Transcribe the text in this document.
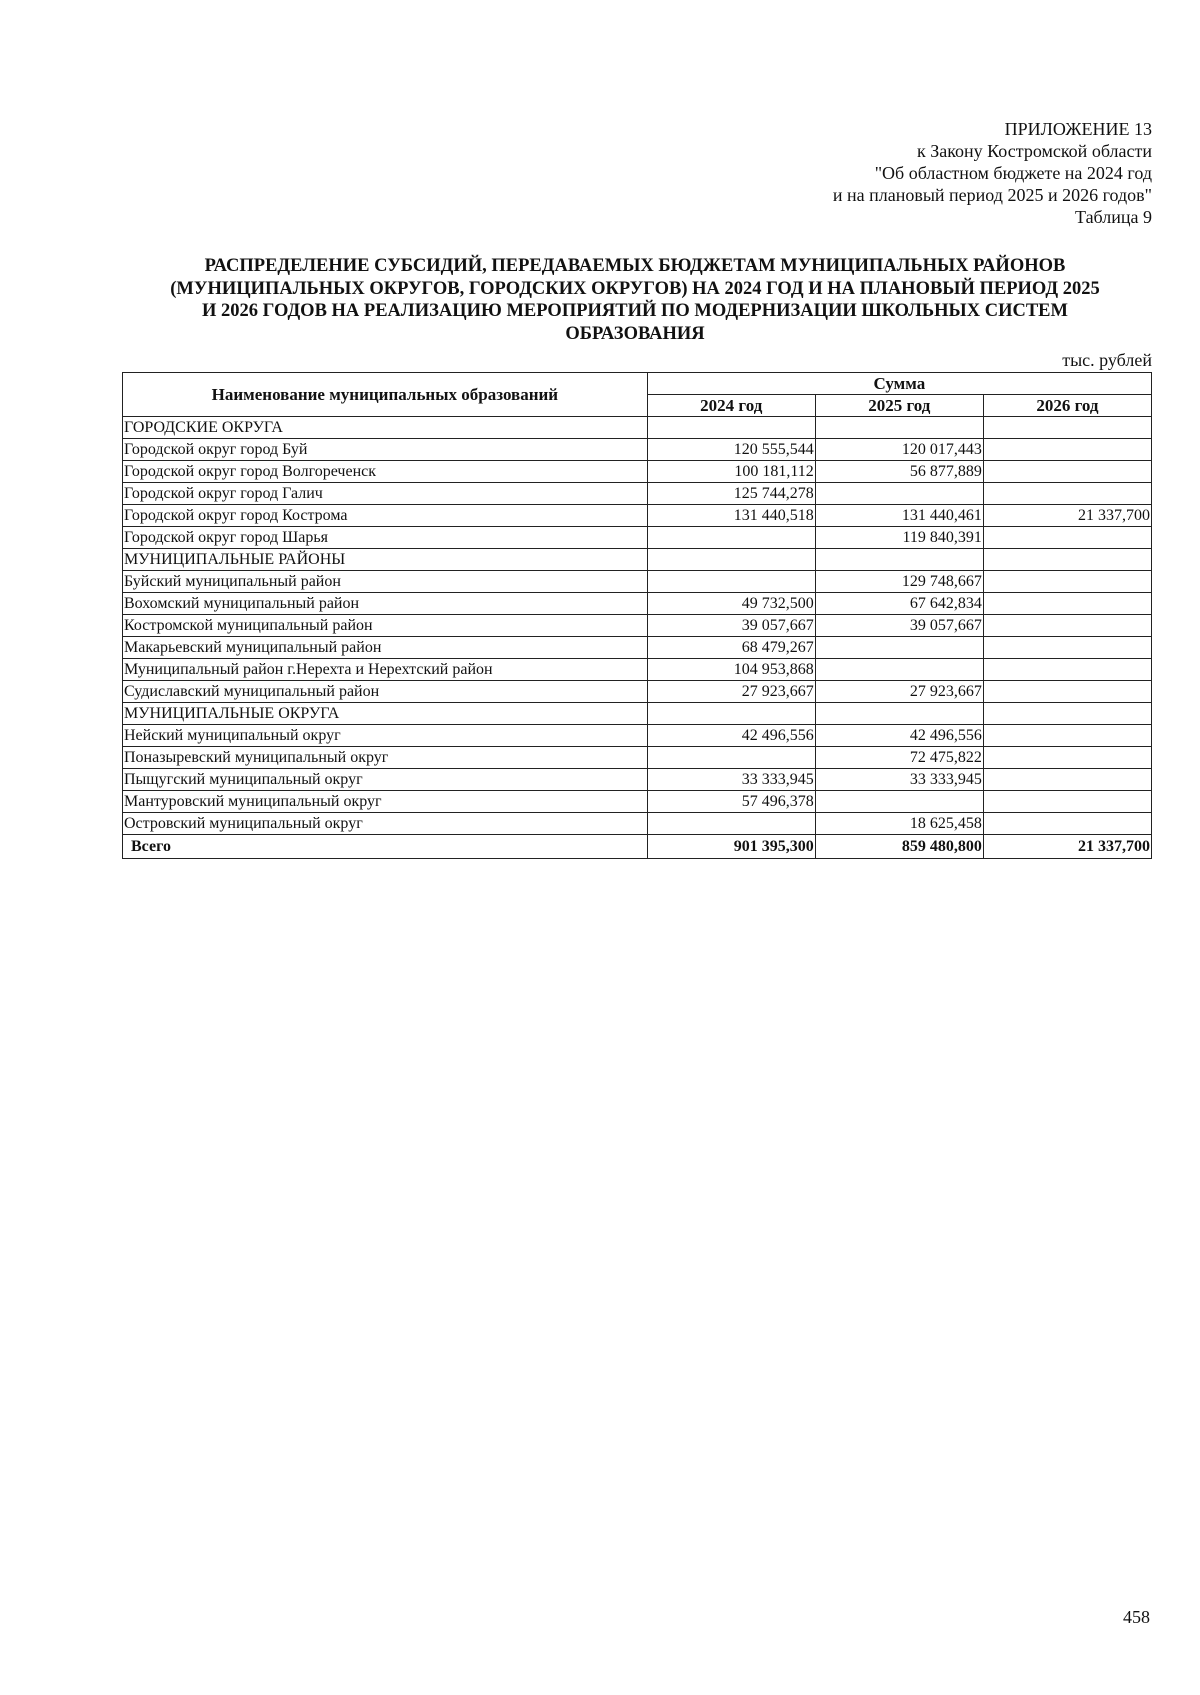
ПРИЛОЖЕНИЕ 13
к Закону Костромской области
"Об областном бюджете на 2024 год
и на плановый период 2025 и 2026 годов"
Таблица 9
РАСПРЕДЕЛЕНИЕ СУБСИДИЙ, ПЕРЕДАВАЕМЫХ БЮДЖЕТАМ МУНИЦИПАЛЬНЫХ РАЙОНОВ
(МУНИЦИПАЛЬНЫХ ОКРУГОВ, ГОРОДСКИХ ОКРУГОВ) НА 2024 ГОД И НА ПЛАНОВЫЙ ПЕРИОД 2025
И 2026 ГОДОВ НА РЕАЛИЗАЦИЮ МЕРОПРИЯТИЙ ПО МОДЕРНИЗАЦИИ ШКОЛЬНЫХ СИСТЕМ
ОБРАЗОВАНИЯ
тыс. рублей
Наименование муниципальных образований	Сумма		
	2024 год	2025 год	2026 год
ГОРОДСКИЕ ОКРУГА			
Городской округ город Буй	120 555,544	120 017,443	
Городской округ город Волгореченск	100 181,112	56 877,889	
Городской округ город Галич	125 744,278		
Городской округ город Кострома	131 440,518	131 440,461	21 337,700
Городской округ город Шарья		119 840,391	
МУНИЦИПАЛЬНЫЕ РАЙОНЫ			
Буйский муниципальный район		129 748,667	
Вохомский муниципальный район	49 732,500	67 642,834	
Костромской муниципальный район	39 057,667	39 057,667	
Макарьевский муниципальный район	68 479,267		
Муниципальный район г.Нерехта и Нерехтский район	104 953,868		
Судиславский муниципальный район	27 923,667	27 923,667	
МУНИЦИПАЛЬНЫЕ ОКРУГА			
Нейский муниципальный округ	42 496,556	42 496,556	
Поназыревский муниципальный округ		72 475,822	
Пыщугский муниципальный округ	33 333,945	33 333,945	
Мантуровский муниципальный округ	57 496,378		
Островский муниципальный округ		18 625,458	
Всего	901 395,300	859 480,800	21 337,700
458
